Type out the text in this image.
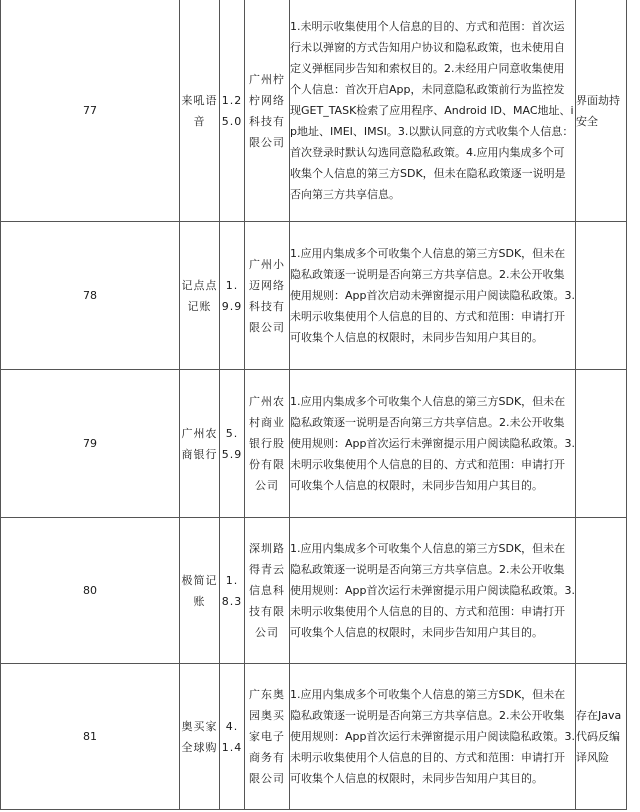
77	来吼语音	1.25.0	广州柠柠网络科技有限公司	1.未明示收集使用个人信息的目的、方式和范围：首次运行未以弹窗的方式告知用户协议和隐私政策，也未使用自定义弹框同步告知和索权目的。2.未经用户同意收集使用个人信息：首次开启App，未同意隐私政策前行为监控发现GET_TASK检索了应用程序、Android ID、MAC地址、ip地址、IMEI、IMSI。3.以默认同意的方式收集个人信息：首次登录时默认勾选同意隐私政策。4.应用内集成多个可收集个人信息的第三方SDK，但未在隐私政策逐一说明是否向第三方共享信息。	界面劫持安全
78	记点点记账	1.9.9	广州小迈网络科技有限公司	1.应用内集成多个可收集个人信息的第三方SDK，但未在隐私政策逐一说明是否向第三方共享信息。2.未公开收集使用规则：App首次启动未弹窗提示用户阅读隐私政策。3. 未明示收集使用个人信息的目的、方式和范围：申请打开可收集个人信息的权限时，未同步告知用户其目的。	
79	广州农商银行	5.5.9	广州农村商业银行股份有限公司	1.应用内集成多个可收集个人信息的第三方SDK，但未在隐私政策逐一说明是否向第三方共享信息。2.未公开收集使用规则：App首次运行未弹窗提示用户阅读隐私政策。3. 未明示收集使用个人信息的目的、方式和范围：申请打开可收集个人信息的权限时，未同步告知用户其目的。	
80	极简记账	1.8.3	深圳路得青云信息科技有限公司	1.应用内集成多个可收集个人信息的第三方SDK，但未在隐私政策逐一说明是否向第三方共享信息。2.未公开收集使用规则：App首次运行未弹窗提示用户阅读隐私政策。3. 未明示收集使用个人信息的目的、方式和范围：申请打开可收集个人信息的权限时，未同步告知用户其目的。	
81	奥买家全球购	4.1.4	广东奥园奥买家电子商务有限公司	1.应用内集成多个可收集个人信息的第三方SDK，但未在隐私政策逐一说明是否向第三方共享信息。2.未公开收集使用规则：App首次运行未弹窗提示用户阅读隐私政策。3. 未明示收集使用个人信息的目的、方式和范围：申请打开可收集个人信息的权限时，未同步告知用户其目的。	存在Java代码反编译风险
